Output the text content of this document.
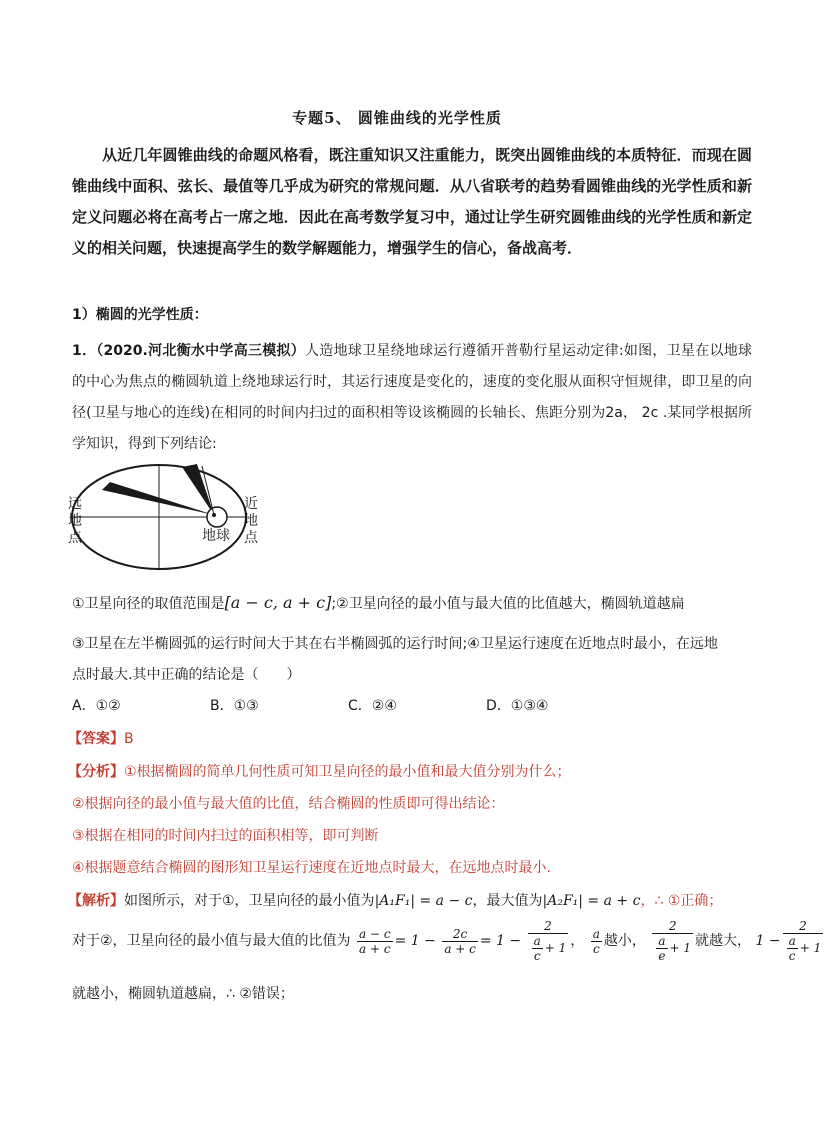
专题5、 圆锥曲线的光学性质

从近几年圆锥曲线的命题风格看，既注重知识又注重能力，既突出圆锥曲线的本质特征．而现在圆锥曲线中面积、弦长、最值等几乎成为研究的常规问题．从八省联考的趋势看圆锥曲线的光学性质和新定义问题必将在高考占一席之地．因此在高考数学复习中，通过让学生研究圆锥曲线的光学性质和新定义的相关问题，快速提高学生的数学解题能力，增强学生的信心，备战高考．

1）椭圆的光学性质：

1．（2020.河北衡水中学高三模拟）人造地球卫星绕地球运行遵循开普勒行星运动定律:如图，卫星在以地球的中心为焦点的椭圆轨道上绕地球运行时，其运行速度是变化的，速度的变化服从面积守恒规律，即卫星的向径(卫星与地心的连线)在相同的时间内扫过的面积相等设该椭圆的长轴长、焦距分别为2a， 2c .某同学根据所学知识，得到下列结论:

远
地
点
近
地
点
地球
①卫星向径的取值范围是[a − c, a + c];②卫星向径的最小值与最大值的比值越大，椭圆轨道越扁
③卫星在左半椭圆弧的运行时间大于其在右半椭圆弧的运行时间;④卫星运行速度在近地点时最小，在远地
点时最大.其中正确的结论是（　　）
A．①②	B．①③	C．②④	D．①③④
【答案】B
【分析】①根据椭圆的简单几何性质可知卫星向径的最小值和最大值分别为什么；
②根据向径的最小值与最大值的比值，结合椭圆的性质即可得出结论：
③根据在相同的时间内扫过的面积相等，即可判断
④根据题意结合椭圆的图形知卫星运行速度在近地点时最大，在远地点时最小.
【解析】如图所示，对于①，卫星向径的最小值为|A₁F₁| = a − c，最大值为|A₂F₁| = a + c，∴ ①正确；
对于②，卫星向径的最小值与最大值的比值为 $\frac{a - c}{a + c} = 1 - \frac{2c}{a + c} = 1 - \frac{2}{\frac{a}{c} + 1}$ ， $\frac{a}{c}$ 越小， $\frac{2}{\frac{a}{e} + 1}$ 就越大， $1 - \frac{2}{\frac{a}{c} + 1}$
就越小，椭圆轨道越扁，∴ ②错误；
